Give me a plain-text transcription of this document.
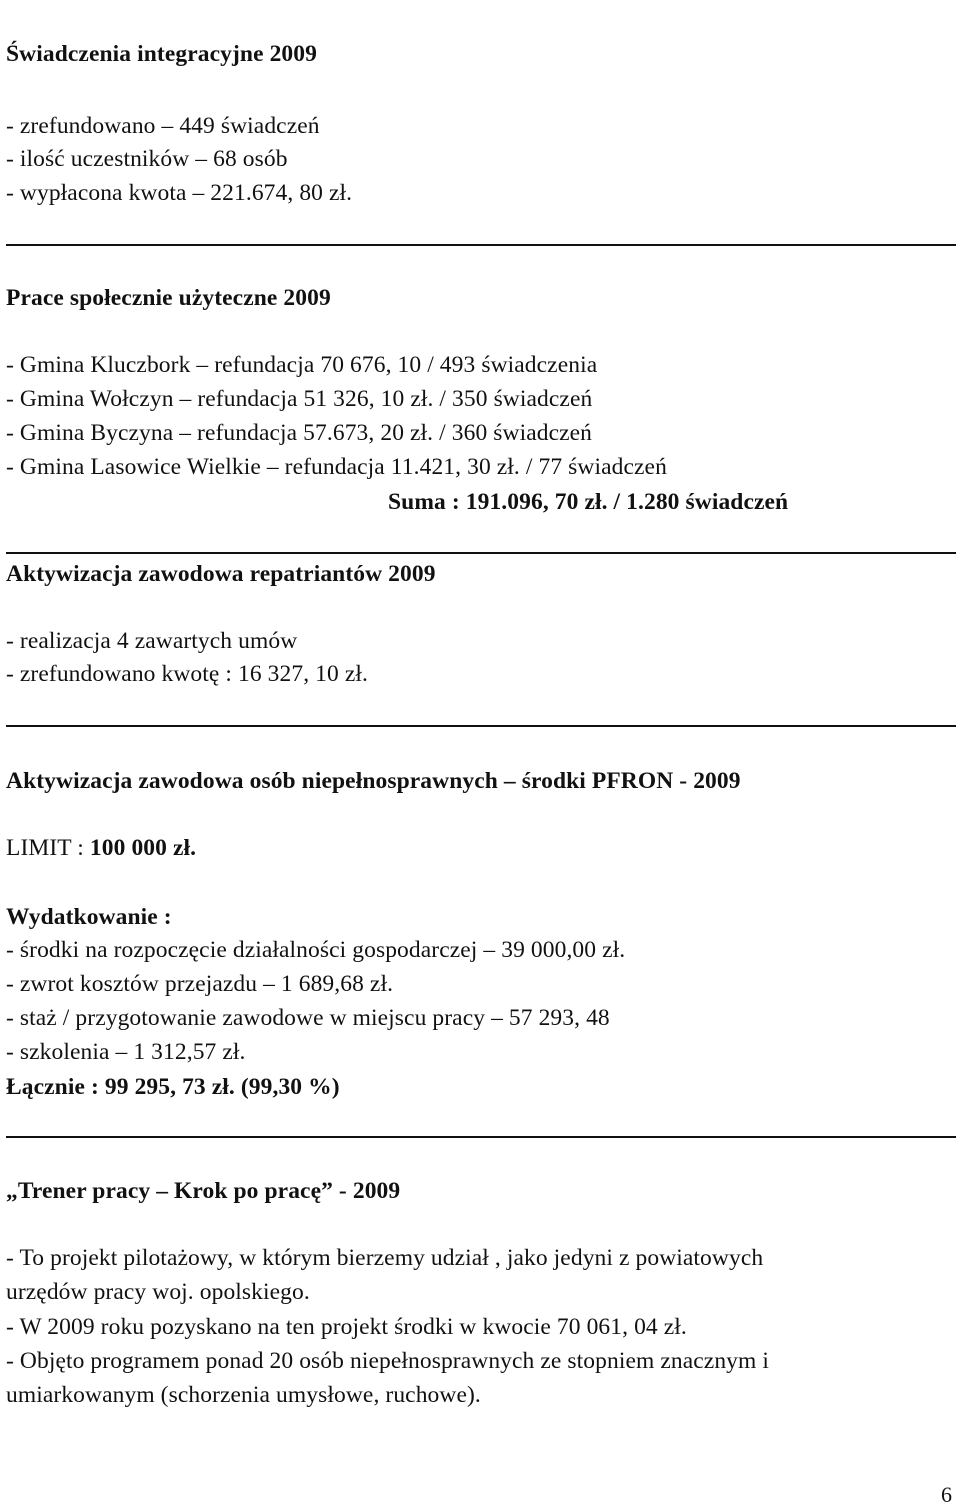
Świadczenia integracyjne 2009
- zrefundowano – 449 świadczeń
- ilość uczestników – 68 osób
- wypłacona kwota – 221.674, 80 zł.
Prace społecznie użyteczne 2009
- Gmina Kluczbork – refundacja 70 676, 10 / 493 świadczenia
- Gmina Wołczyn – refundacja 51 326, 10 zł. / 350 świadczeń
- Gmina Byczyna – refundacja 57.673, 20 zł. / 360 świadczeń
- Gmina Lasowice Wielkie – refundacja 11.421, 30 zł. / 77 świadczeń
Suma : 191.096, 70 zł. / 1.280 świadczeń
Aktywizacja zawodowa repatriantów 2009
- realizacja 4 zawartych umów
- zrefundowano kwotę : 16 327, 10 zł.
Aktywizacja zawodowa osób niepełnosprawnych – środki PFRON - 2009
LIMIT : 100 000 zł.
Wydatkowanie :
- środki na rozpoczęcie działalności gospodarczej – 39 000,00 zł.
- zwrot kosztów przejazdu – 1 689,68 zł.
- staż / przygotowanie zawodowe w miejscu pracy – 57 293, 48
- szkolenia – 1 312,57 zł.
Łącznie : 99 295, 73 zł. (99,30 %)
„Trener pracy – Krok po pracę” - 2009
- To projekt pilotażowy, w którym bierzemy udział , jako jedyni z powiatowych
urzędów pracy woj. opolskiego.
- W 2009 roku pozyskano na ten projekt środki w kwocie 70 061, 04 zł.
- Objęto programem ponad 20 osób niepełnosprawnych ze stopniem znacznym i
umiarkowanym (schorzenia umysłowe, ruchowe).
6
